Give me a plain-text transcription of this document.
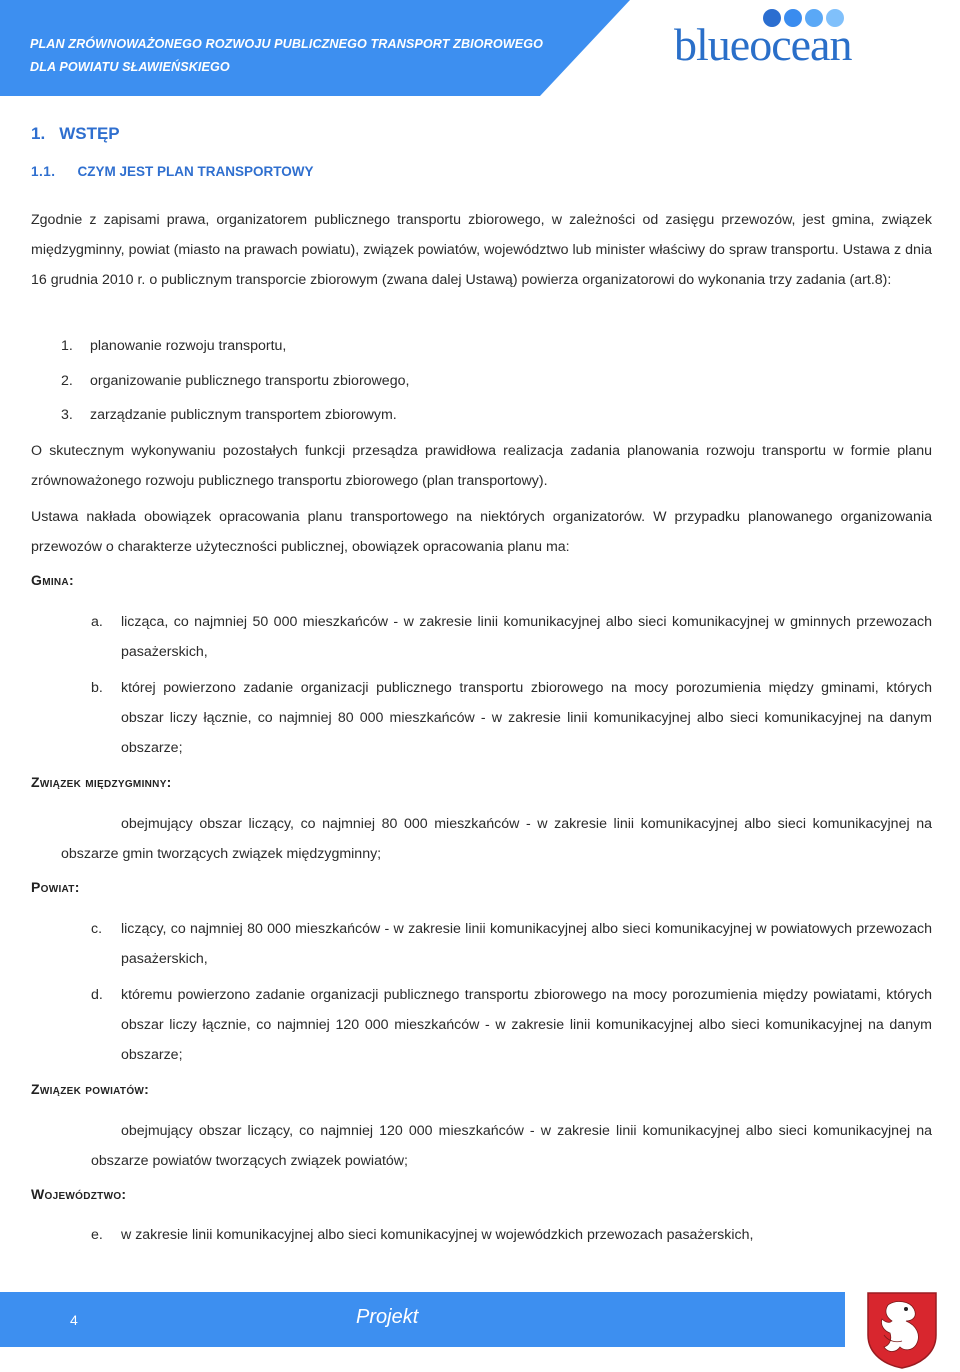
PLAN ZRÓWNOWAŻONEGO ROZWOJU PUBLICZNEGO TRANSPORT ZBIOROWEGO
DLA POWIATU SŁAWIEŃSKIEGO	blueocean
1. WSTĘP
1.1. CZYM JEST PLAN TRANSPORTOWY
Zgodnie z zapisami prawa, organizatorem publicznego transportu zbiorowego, w zależności od zasięgu przewozów, jest gmina, związek międzygminny, powiat (miasto na prawach powiatu), związek powiatów, województwo lub minister właściwy do spraw transportu. Ustawa z dnia 16 grudnia 2010 r. o publicznym transporcie zbiorowym (zwana dalej Ustawą) powierza organizatorowi do wykonania trzy zadania (art.8):
1. planowanie rozwoju transportu,
2. organizowanie publicznego transportu zbiorowego,
3. zarządzanie publicznym transportem zbiorowym.
O skutecznym wykonywaniu pozostałych funkcji przesądza prawidłowa realizacja zadania planowania rozwoju transportu w formie planu zrównoważonego rozwoju publicznego transportu zbiorowego (plan transportowy).
Ustawa nakłada obowiązek opracowania planu transportowego na niektórych organizatorów. W przypadku planowanego organizowania przewozów o charakterze użyteczności publicznej, obowiązek opracowania planu ma:
Gmina:
a. licząca, co najmniej 50 000 mieszkańców - w zakresie linii komunikacyjnej albo sieci komunikacyjnej w gminnych przewozach pasażerskich,
b. której powierzono zadanie organizacji publicznego transportu zbiorowego na mocy porozumienia między gminami, których obszar liczy łącznie, co najmniej 80 000 mieszkańców - w zakresie linii komunikacyjnej albo sieci komunikacyjnej na danym obszarze;
Związek międzygminny:
obejmujący obszar liczący, co najmniej 80 000 mieszkańców - w zakresie linii komunikacyjnej albo sieci komunikacyjnej na obszarze gmin tworzących związek międzygminny;
Powiat:
c. liczący, co najmniej 80 000 mieszkańców - w zakresie linii komunikacyjnej albo sieci komunikacyjnej w powiatowych przewozach pasażerskich,
d. któremu powierzono zadanie organizacji publicznego transportu zbiorowego na mocy porozumienia między powiatami, których obszar liczy łącznie, co najmniej 120 000 mieszkańców - w zakresie linii komunikacyjnej albo sieci komunikacyjnej na danym obszarze;
Związek powiatów:
obejmujący obszar liczący, co najmniej 120 000 mieszkańców - w zakresie linii komunikacyjnej albo sieci komunikacyjnej na obszarze powiatów tworzących związek powiatów;
Województwo:
e. w zakresie linii komunikacyjnej albo sieci komunikacyjnej w wojewódzkich przewozach pasażerskich,
4	Projekt
